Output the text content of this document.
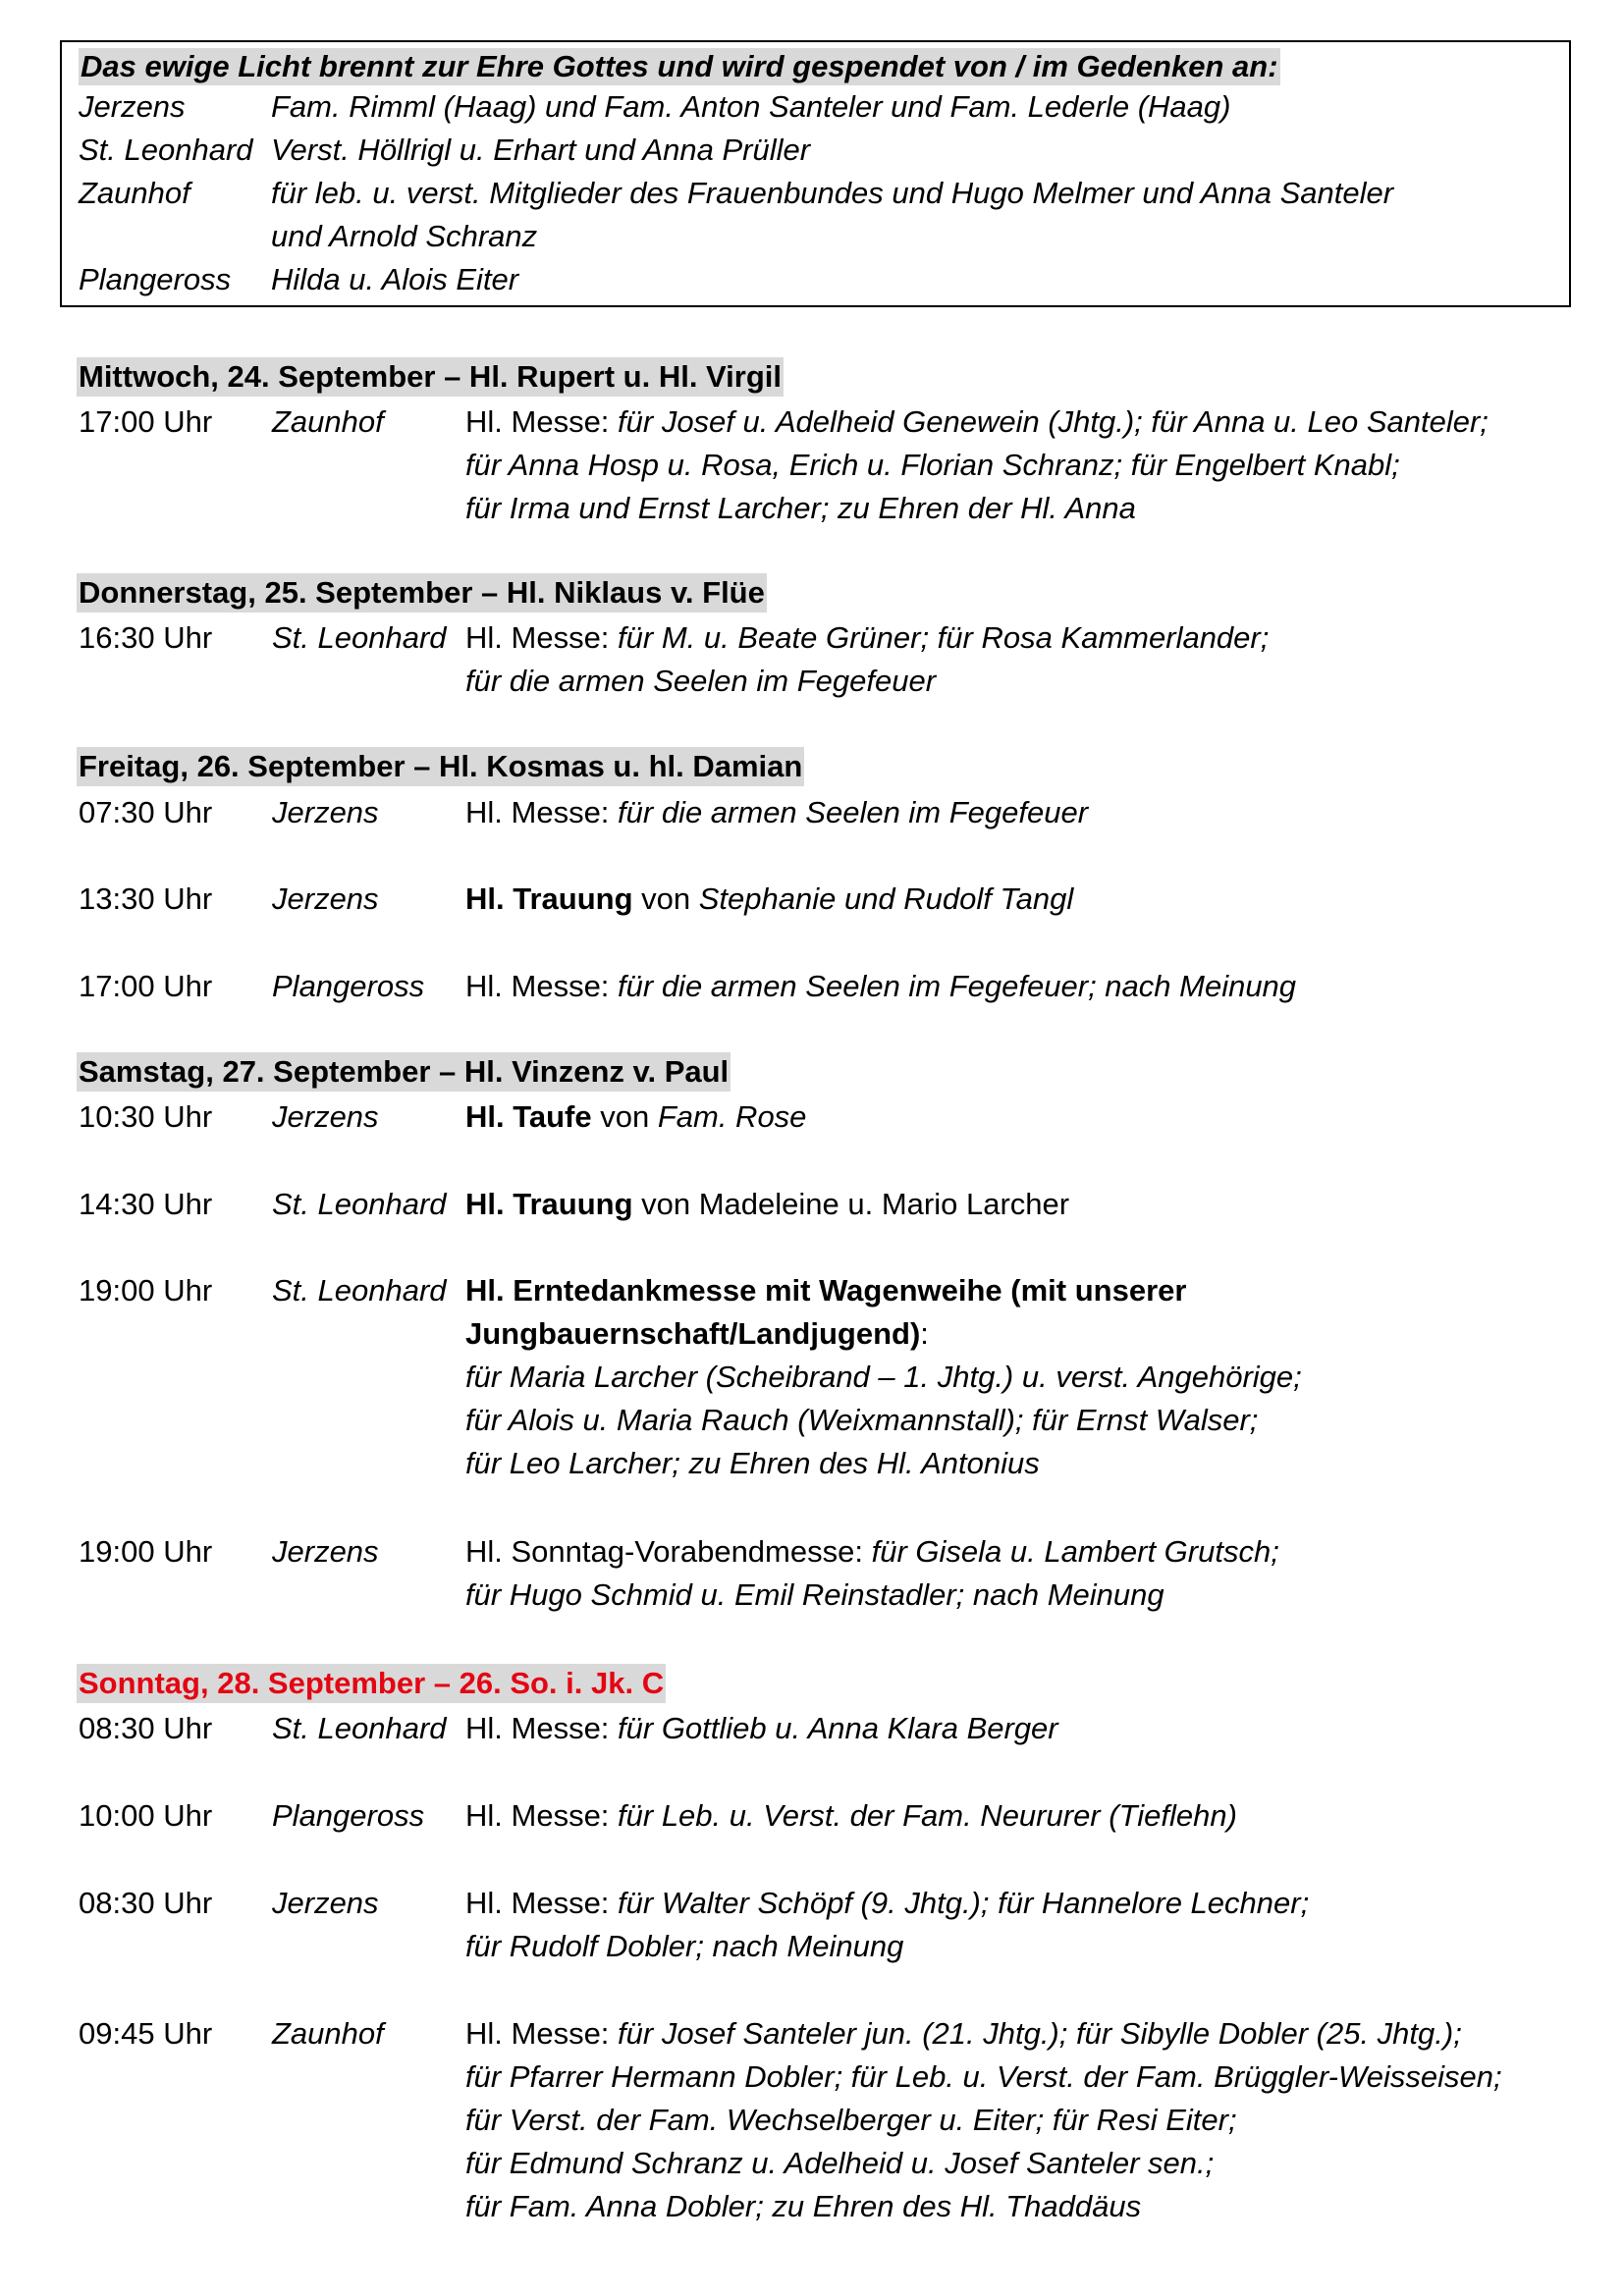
Das ewige Licht brennt zur Ehre Gottes und wird gespendet von / im Gedenken an:
Jerzens	Fam. Rimml (Haag) und Fam. Anton Santeler und Fam. Lederle (Haag)
St. Leonhard Verst. Höllrigl u. Erhart und Anna Prüller
Zaunhof	für leb. u. verst. Mitglieder des Frauenbundes und Hugo Melmer und Anna Santeler
und Arnold Schranz
Plangeross Hilda u. Alois Eiter
Mittwoch, 24. September – Hl. Rupert u. Hl. Virgil
17:00 Uhr Zaunhof	Hl. Messe: für Josef u. Adelheid Genewein (Jhtg.); für Anna u. Leo Santeler;
für Anna Hosp u. Rosa, Erich u. Florian Schranz; für Engelbert Knabl;
für Irma und Ernst Larcher; zu Ehren der Hl. Anna
Donnerstag, 25. September – Hl. Niklaus v. Flüe
16:30 Uhr St. Leonhard Hl. Messe: für M. u. Beate Grüner; für Rosa Kammerlander;
für die armen Seelen im Fegefeuer
Freitag, 26. September – Hl. Kosmas u. hl. Damian
07:30 Uhr Jerzens	Hl. Messe: für die armen Seelen im Fegefeuer
13:30 Uhr Jerzens	Hl. Trauung von Stephanie und Rudolf Tangl
17:00 Uhr Plangeross Hl. Messe: für die armen Seelen im Fegefeuer; nach Meinung
Samstag, 27. September – Hl. Vinzenz v. Paul
10:30 Uhr Jerzens	Hl. Taufe von Fam. Rose
14:30 Uhr St. Leonhard Hl. Trauung von Madeleine u. Mario Larcher
19:00 Uhr St. Leonhard Hl. Erntedankmesse mit Wagenweihe (mit unserer
Jungbauernschaft/Landjugend):
für Maria Larcher (Scheibrand – 1. Jhtg.) u. verst. Angehörige;
für Alois u. Maria Rauch (Weixmannstall); für Ernst Walser;
für Leo Larcher; zu Ehren des Hl. Antonius
19:00 Uhr Jerzens	Hl. Sonntag-Vorabendmesse: für Gisela u. Lambert Grutsch;
für Hugo Schmid u. Emil Reinstadler; nach Meinung
Sonntag, 28. September – 26. So. i. Jk. C
08:30 Uhr St. Leonhard Hl. Messe: für Gottlieb u. Anna Klara Berger
10:00 Uhr Plangeross Hl. Messe: für Leb. u. Verst. der Fam. Neururer (Tieflehn)
08:30 Uhr Jerzens	Hl. Messe: für Walter Schöpf (9. Jhtg.); für Hannelore Lechner;
für Rudolf Dobler; nach Meinung
09:45 Uhr Zaunhof	Hl. Messe: für Josef Santeler jun. (21. Jhtg.); für Sibylle Dobler (25. Jhtg.);
für Pfarrer Hermann Dobler; für Leb. u. Verst. der Fam. Brüggler-Weisseisen;
für Verst. der Fam. Wechselberger u. Eiter; für Resi Eiter;
für Edmund Schranz u. Adelheid u. Josef Santeler sen.;
für Fam. Anna Dobler; zu Ehren des Hl. Thaddäus
